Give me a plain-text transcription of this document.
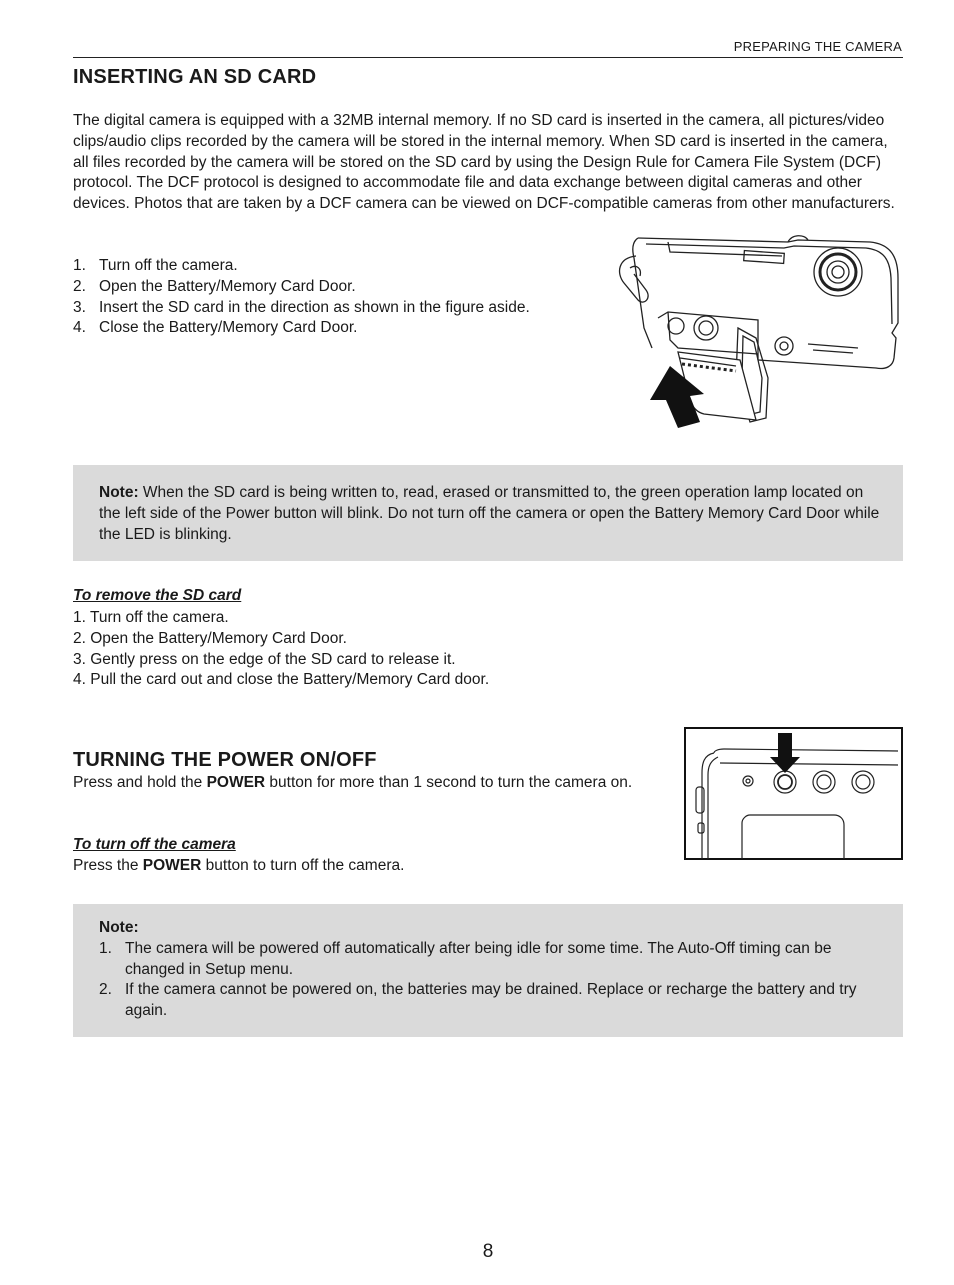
PREPARING THE CAMERA
INSERTING AN SD CARD
The digital camera is equipped with a 32MB internal memory. If no SD card is inserted in the camera, all pictures/video clips/audio clips recorded by the camera will be stored in the internal memory. When SD card is inserted in the camera, all files recorded by the camera will be stored on the SD card by using the Design Rule for Camera File System (DCF) protocol. The DCF protocol is designed to accommodate file and data exchange between digital cameras and other devices. Photos that are taken by a DCF camera can be viewed on DCF-compatible cameras from other manufacturers.
1. Turn off the camera.
2. Open the Battery/Memory Card Door.
3. Insert the SD card in the direction as shown in the figure aside.
4. Close the Battery/Memory Card Door.
Note: When the SD card is being written to, read, erased or transmitted to, the green operation lamp located on the left side of the Power button will blink. Do not turn off the camera or open the Battery Memory Card Door while the LED is blinking.
To remove the SD card
1. Turn off the camera.
2. Open the Battery/Memory Card Door.
3. Gently press on the edge of the SD card to release it.
4. Pull the card out and close the Battery/Memory Card door.
TURNING THE POWER ON/OFF
Press and hold the POWER button for more than 1 second to turn the camera on.
To turn off the camera
Press the POWER button to turn off the camera.
Note:
1. The camera will be powered off automatically after being idle for some time. The Auto-Off timing can be changed in Setup menu.
2. If the camera cannot be powered on, the batteries may be drained. Replace or recharge the battery and try again.
8
